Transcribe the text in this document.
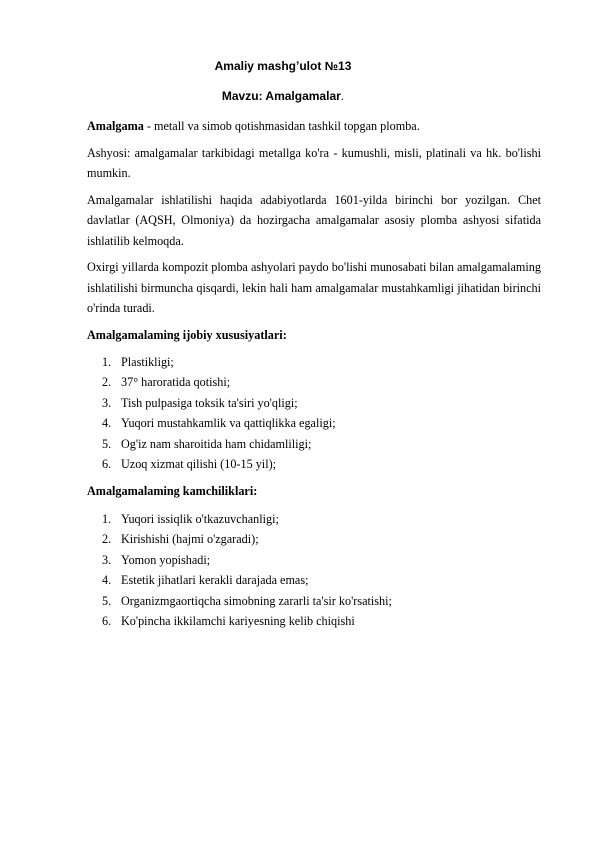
Amaliy mashg’ulot №13
Mavzu: Amalgamalar.

Amalgama - metall va simob qotishmasidan tashkil topgan plomba.

Ashyosi: amalgamalar tarkibidagi metallga ko'ra - kumushli, misli, platinali va hk. bo'lishi mumkin.

Amalgamalar ishlatilishi haqida adabiyotlarda 1601-yilda birinchi bor yozilgan. Chet davlatlar (AQSH, Olmoniya) da hozirgacha amalgamalar asosiy plomba ashyosi sifatida ishlatilib kelmoqda.

Oxirgi yillarda kompozit plomba ashyolari paydo bo'lishi munosabati bilan amalgamalaming ishlatilishi birmuncha qisqardi, lekin hali ham amalgamalar mustahkamligi jihatidan birinchi o'rinda turadi.

Amalgamalaming ijobiy xususiyatlari:
1. Plastikligi;
2. 37° haroratida qotishi;
3. Tish pulpasiga toksik ta'siri yo'qligi;
4. Yuqori mustahkamlik va qattiqlikka egaligi;
5. Og'iz nam sharoitida ham chidamliligi;
6. Uzoq xizmat qilishi (10-15 yil);
Amalgamalaming kamchiliklari:
1. Yuqori issiqlik o'tkazuvchanligi;
2. Kirishishi (hajmi o'zgaradi);
3. Yomon yopishadi;
4. Estetik jihatlari kerakli darajada emas;
5. Organizmgaortiqcha simobning zararli ta'sir ko'rsatishi;
6. Ko'pincha ikkilamchi kariyesning kelib chiqishi
